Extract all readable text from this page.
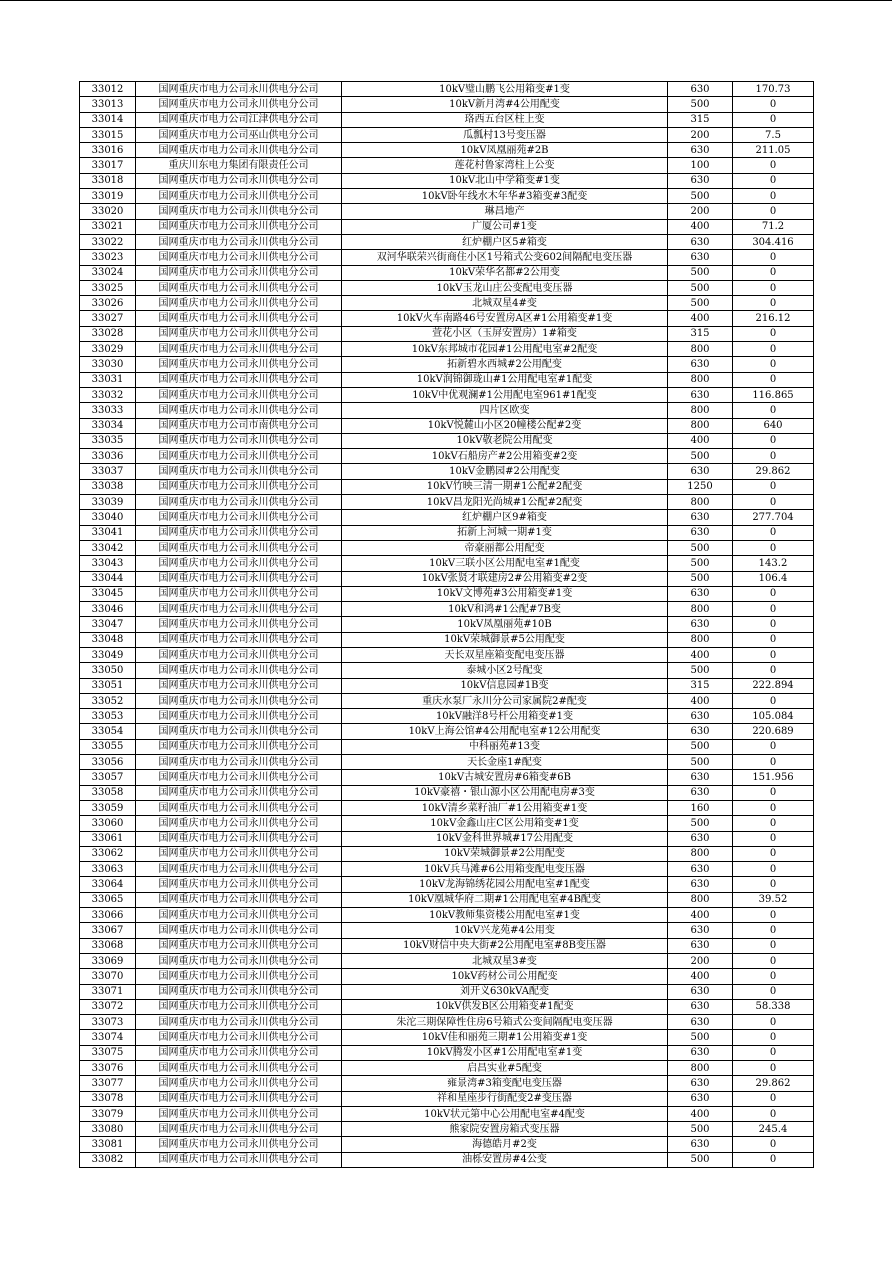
33012	国网重庆市电力公司永川供电分公司	10kV璧山鹏飞公用箱变#1变	630	170.73
33013	国网重庆市电力公司永川供电分公司	10kV新月湾#4公用配变	500	0
33014	国网重庆市电力公司江津供电分公司	珞西五台区柱上变	315	0
33015	国网重庆市电力公司巫山供电分公司	瓜瓢村13号变压器	200	7.5
33016	国网重庆市电力公司永川供电分公司	10kV凤凰丽苑#2B	630	211.05
33017	重庆川东电力集团有限责任公司	莲花村鲁家湾柱上公变	100	0
33018	国网重庆市电力公司永川供电分公司	10kV北山中学箱变#1变	630	0
33019	国网重庆市电力公司永川供电分公司	10kV卧年线水木年华#3箱变#3配变	500	0
33020	国网重庆市电力公司永川供电分公司	琳昌地产	200	0
33021	国网重庆市电力公司永川供电分公司	广厦公司#1变	400	71.2
33022	国网重庆市电力公司永川供电分公司	红炉棚户区5#箱变	630	304.416
33023	国网重庆市电力公司永川供电分公司	双河华联荣兴街商住小区1号箱式公变602间隔配电变压器	630	0
33024	国网重庆市电力公司永川供电分公司	10kV荣华名都#2公用变	500	0
33025	国网重庆市电力公司永川供电分公司	10kV玉龙山庄公变配电变压器	500	0
33026	国网重庆市电力公司永川供电分公司	北城双星4#变	500	0
33027	国网重庆市电力公司永川供电分公司	10kV火车南路46号安置房A区#1公用箱变#1变	400	216.12
33028	国网重庆市电力公司永川供电分公司	萱花小区（玉屏安置房）1#箱变	315	0
33029	国网重庆市电力公司永川供电分公司	10kV东邦城市花园#1公用配电室#2配变	800	0
33030	国网重庆市电力公司永川供电分公司	拓新碧水西城#2公用配变	630	0
33031	国网重庆市电力公司永川供电分公司	10kV润锦御珑山#1公用配电室#1配变	800	0
33032	国网重庆市电力公司永川供电分公司	10kV中优观澜#1公用配电室961#1配变	630	116.865
33033	国网重庆市电力公司永川供电分公司	四片区欧变	800	0
33034	国网重庆市电力公司市南供电分公司	10kV悦麓山小区20幢楼公配#2变	800	640
33035	国网重庆市电力公司永川供电分公司	10kV敬老院公用配变	400	0
33036	国网重庆市电力公司永川供电分公司	10kV石船房产#2公用箱变#2变	500	0
33037	国网重庆市电力公司永川供电分公司	10kV金鹏园#2公用配变	630	29.862
33038	国网重庆市电力公司永川供电分公司	10kV竹映三清一期#1公配#2配变	1250	0
33039	国网重庆市电力公司永川供电分公司	10kV昌龙阳光尚城#1公配#2配变	800	0
33040	国网重庆市电力公司永川供电分公司	红炉棚户区9#箱变	630	277.704
33041	国网重庆市电力公司永川供电分公司	拓新上河城一期#1变	630	0
33042	国网重庆市电力公司永川供电分公司	帝豪丽都公用配变	500	0
33043	国网重庆市电力公司永川供电分公司	10kV三联小区公用配电室#1配变	500	143.2
33044	国网重庆市电力公司永川供电分公司	10kV张贤才联建房2#公用箱变#2变	500	106.4
33045	国网重庆市电力公司永川供电分公司	10kV文博苑#3公用箱变#1变	630	0
33046	国网重庆市电力公司永川供电分公司	10kV和鸿#1公配#7B变	800	0
33047	国网重庆市电力公司永川供电分公司	10kV凤凰丽苑#10B	630	0
33048	国网重庆市电力公司永川供电分公司	10kV荣城御景#5公用配变	800	0
33049	国网重庆市电力公司永川供电分公司	天长双星座箱变配电变压器	400	0
33050	国网重庆市电力公司永川供电分公司	泰城小区2号配变	500	0
33051	国网重庆市电力公司永川供电分公司	10kV信息园#1B变	315	222.894
33052	国网重庆市电力公司永川供电分公司	重庆水泵厂永川分公司家属院2#配变	400	0
33053	国网重庆市电力公司永川供电分公司	10kV融洋8号杆公用箱变#1变	630	105.084
33054	国网重庆市电力公司永川供电分公司	10kV上海公馆#4公用配电室#12公用配变	630	220.689
33055	国网重庆市电力公司永川供电分公司	中科丽苑#13变	500	0
33056	国网重庆市电力公司永川供电分公司	天长金座1#配变	500	0
33057	国网重庆市电力公司永川供电分公司	10kV古城安置房#6箱变#6B	630	151.956
33058	国网重庆市电力公司永川供电分公司	10kV豪禧・银山源小区公用配电房#3变	630	0
33059	国网重庆市电力公司永川供电分公司	10kV清乡菜籽油厂#1公用箱变#1变	160	0
33060	国网重庆市电力公司永川供电分公司	10kV金鑫山庄C区公用箱变#1变	500	0
33061	国网重庆市电力公司永川供电分公司	10kV金科世界城#17公用配变	630	0
33062	国网重庆市电力公司永川供电分公司	10kV荣城御景#2公用配变	800	0
33063	国网重庆市电力公司永川供电分公司	10kV兵马滩#6公用箱变配电变压器	630	0
33064	国网重庆市电力公司永川供电分公司	10kV龙海锦绣花园公用配电室#1配变	630	0
33065	国网重庆市电力公司永川供电分公司	10kV凰城华府二期#1公用配电室#4B配变	800	39.52
33066	国网重庆市电力公司永川供电分公司	10kV教师集资楼公用配电室#1变	400	0
33067	国网重庆市电力公司永川供电分公司	10kV兴龙苑#4公用变	630	0
33068	国网重庆市电力公司永川供电分公司	10kV财信中央大街#2公用配电室#8B变压器	630	0
33069	国网重庆市电力公司永川供电分公司	北城双星3#变	200	0
33070	国网重庆市电力公司永川供电分公司	10kV药材公司公用配变	400	0
33071	国网重庆市电力公司永川供电分公司	刘开义630kVA配变	630	0
33072	国网重庆市电力公司永川供电分公司	10kV供发B区公用箱变#1配变	630	58.338
33073	国网重庆市电力公司永川供电分公司	朱沱三期保障性住房6号箱式公变间隔配电变压器	630	0
33074	国网重庆市电力公司永川供电分公司	10kV佳和丽苑三期#1公用箱变#1变	500	0
33075	国网重庆市电力公司永川供电分公司	10kV腾发小区#1公用配电室#1变	630	0
33076	国网重庆市电力公司永川供电分公司	启昌实业#5配变	800	0
33077	国网重庆市电力公司永川供电分公司	雍景湾#3箱变配电变压器	630	29.862
33078	国网重庆市电力公司永川供电分公司	祥和星座步行街配变2#变压器	630	0
33079	国网重庆市电力公司永川供电分公司	10kV状元第中心公用配电室#4配变	400	0
33080	国网重庆市电力公司永川供电分公司	熊家院安置房箱式变压器	500	245.4
33081	国网重庆市电力公司永川供电分公司	海德皓月#2变	630	0
33082	国网重庆市电力公司永川供电分公司	油栎安置房#4公变	500	0
